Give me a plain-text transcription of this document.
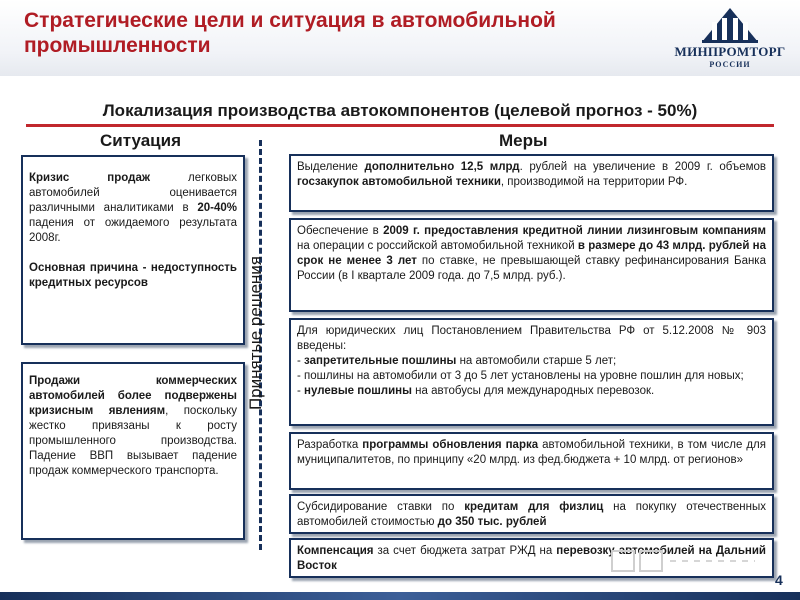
Стратегические цели и ситуация в автомобильной промышленности	МИНПРОМТОРГ
РОССИИ
Локализация производства автокомпонентов (целевой прогноз - 50%)
Ситуация	Меры
Принятые решения

Кризис продаж легковых автомобилей оценивается различными аналитиками в 20-40% падения от ожидаемого результата 2008г.

Основная причина - недоступность кредитных ресурсов

Продажи коммерческих автомобилей более подвержены кризисным явлениям, поскольку жестко привязаны к росту промышленного производства. Падение ВВП вызывает падение продаж коммерческого транспорта.

Выделение дополнительно 12,5 млрд. рублей на увеличение в 2009 г. объемов госзакупок автомобильной техники, производимой на территории РФ.

Обеспечение в 2009 г. предоставления кредитной линии лизинговым компаниям на операции с российской автомобильной техникой в размере до 43 млрд. рублей на срок не менее 3 лет по ставке, не превышающей ставку рефинансирования Банка России (в I квартале 2009 года. до 7,5 млрд. руб.).

Для юридических лиц Постановлением Правительства РФ от 5.12.2008 № 903 введены:

- запретительные пошлины на автомобили старше 5 лет;

- пошлины на автомобили от 3 до 5 лет установлены на уровне пошлин для новых;

- нулевые пошлины на автобусы для международных перевозок.

Разработка программы обновления парка автомобильной техники, в том числе для муниципалитетов, по принципу «20 млрд. из фед.бюджета + 10 млрд. от регионов»

Субсидирование ставки по кредитам для физлиц на покупку отечественных автомобилей стоимостью до 350 тыс. рублей

Компенсация за счет бюджета затрат РЖД на перевозку автомобилей на Дальний Восток

4
